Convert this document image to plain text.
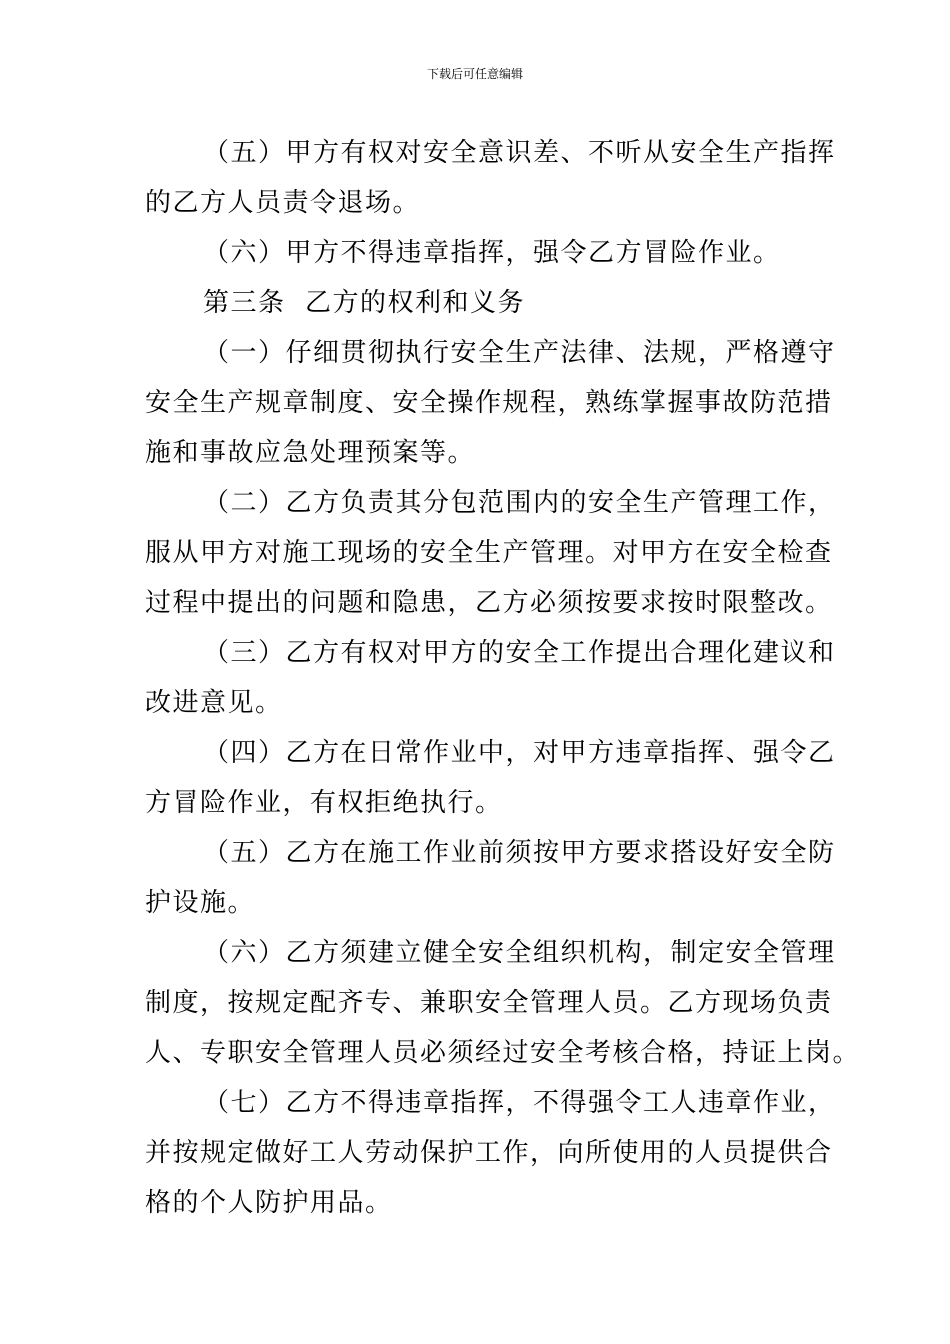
下载后可任意编辑

（五）甲方有权对安全意识差、不听从安全生产指挥
的乙方人员责令退场。

（六）甲方不得违章指挥，强令乙方冒险作业。

第三条  乙方的权利和义务

（一）仔细贯彻执行安全生产法律、法规，严格遵守
安全生产规章制度、安全操作规程，熟练掌握事故防范措
施和事故应急处理预案等。

（二）乙方负责其分包范围内的安全生产管理工作，
服从甲方对施工现场的安全生产管理。对甲方在安全检查
过程中提出的问题和隐患，乙方必须按要求按时限整改。

（三）乙方有权对甲方的安全工作提出合理化建议和
改进意见。

（四）乙方在日常作业中，对甲方违章指挥、强令乙
方冒险作业，有权拒绝执行。

（五）乙方在施工作业前须按甲方要求搭设好安全防
护设施。

（六）乙方须建立健全安全组织机构，制定安全管理
制度，按规定配齐专、兼职安全管理人员。乙方现场负责
人、专职安全管理人员必须经过安全考核合格，持证上岗。

（七）乙方不得违章指挥，不得强令工人违章作业，
并按规定做好工人劳动保护工作，向所使用的人员提供合
格的个人防护用品。
